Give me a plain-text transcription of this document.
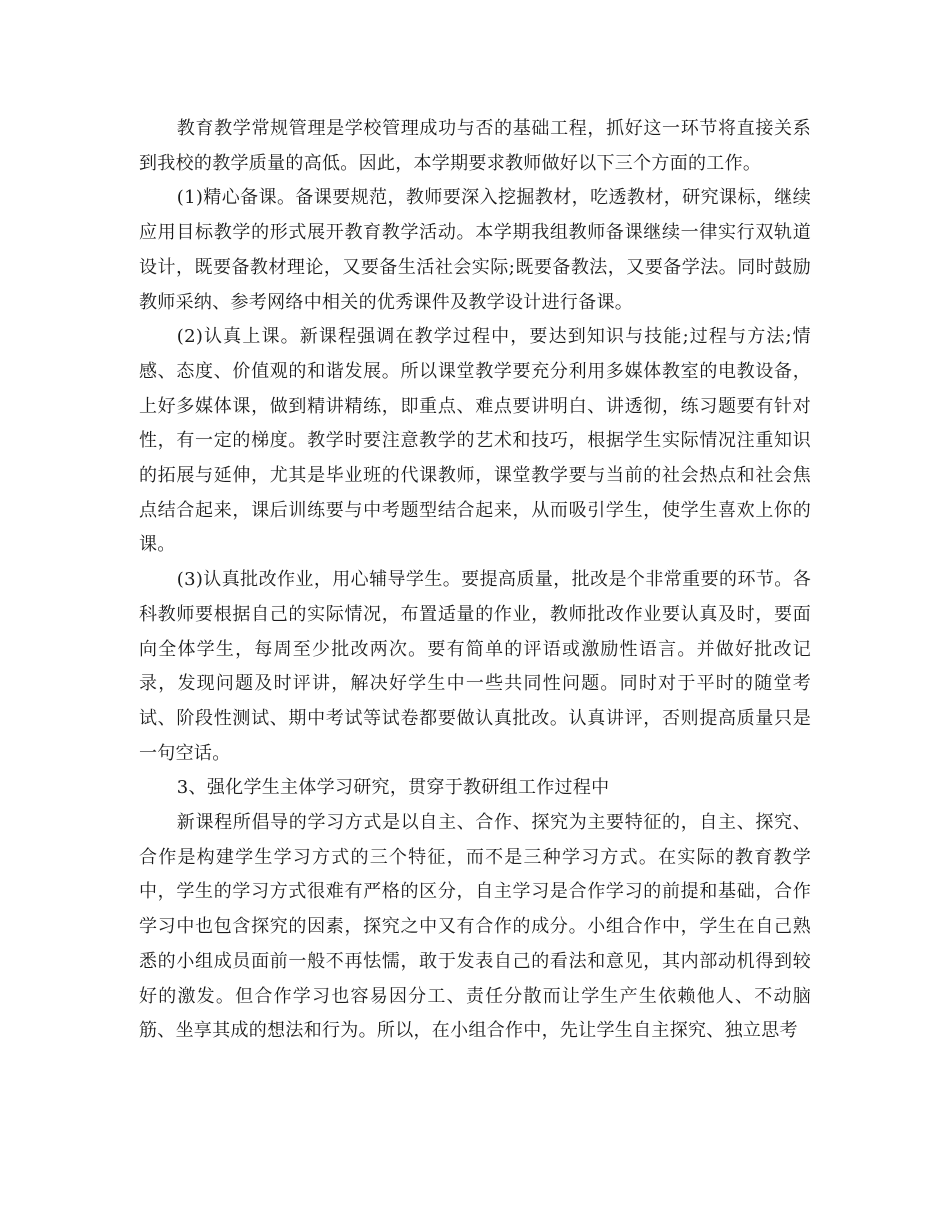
教育教学常规管理是学校管理成功与否的基础工程，抓好这一环节将直接关系到我校的教学质量的高低。因此，本学期要求教师做好以下三个方面的工作。

(1)精心备课。备课要规范，教师要深入挖掘教材，吃透教材，研究课标，继续应用目标教学的形式展开教育教学活动。本学期我组教师备课继续一律实行双轨道设计，既要备教材理论，又要备生活社会实际;既要备教法，又要备学法。同时鼓励教师采纳、参考网络中相关的优秀课件及教学设计进行备课。

(2)认真上课。新课程强调在教学过程中，要达到知识与技能;过程与方法;情感、态度、价值观的和谐发展。所以课堂教学要充分利用多媒体教室的电教设备，上好多媒体课，做到精讲精练，即重点、难点要讲明白、讲透彻，练习题要有针对性，有一定的梯度。教学时要注意教学的艺术和技巧，根据学生实际情况注重知识的拓展与延伸，尤其是毕业班的代课教师，课堂教学要与当前的社会热点和社会焦点结合起来，课后训练要与中考题型结合起来，从而吸引学生，使学生喜欢上你的课。

(3)认真批改作业，用心辅导学生。要提高质量，批改是个非常重要的环节。各科教师要根据自己的实际情况，布置适量的作业，教师批改作业要认真及时，要面向全体学生，每周至少批改两次。要有简单的评语或激励性语言。并做好批改记录，发现问题及时评讲，解决好学生中一些共同性问题。同时对于平时的随堂考试、阶段性测试、期中考试等试卷都要做认真批改。认真讲评，否则提高质量只是一句空话。

3、强化学生主体学习研究，贯穿于教研组工作过程中

新课程所倡导的学习方式是以自主、合作、探究为主要特征的，自主、探究、合作是构建学生学习方式的三个特征，而不是三种学习方式。在实际的教育教学中，学生的学习方式很难有严格的区分，自主学习是合作学习的前提和基础，合作学习中也包含探究的因素，探究之中又有合作的成分。小组合作中，学生在自己熟悉的小组成员面前一般不再怯懦，敢于发表自己的看法和意见，其内部动机得到较好的激发。但合作学习也容易因分工、责任分散而让学生产生依赖他人、不动脑筋、坐享其成的想法和行为。所以，在小组合作中，先让学生自主探究、独立思考
